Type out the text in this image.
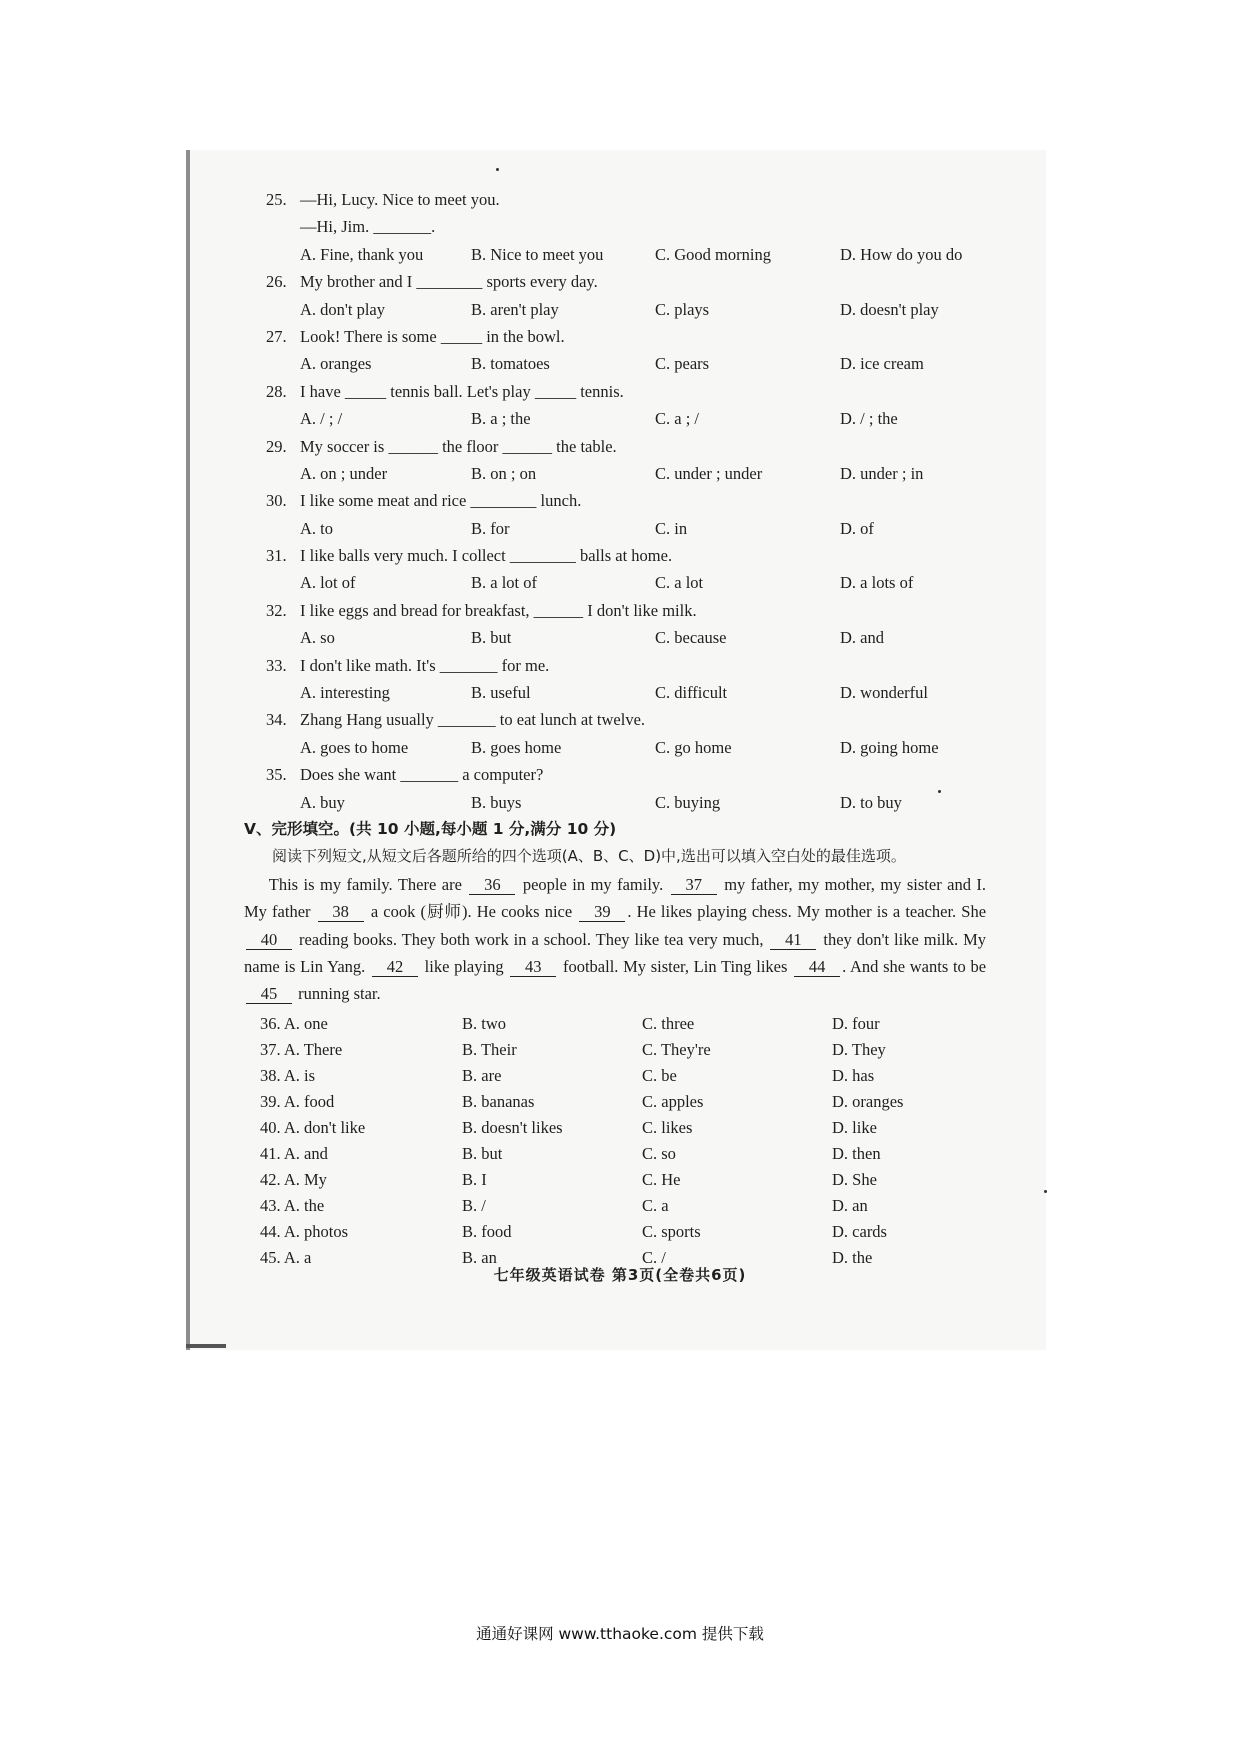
25. —Hi, Lucy. Nice to meet you.
—Hi, Jim. _______.
A. Fine, thank you	B. Nice to meet you	C. Good morning	D. How do you do
26. My brother and I ________ sports every day.
A. don't play	B. aren't play	C. plays	D. doesn't play
27. Look! There is some _____ in the bowl.
A. oranges	B. tomatoes	C. pears	D. ice cream
28. I have _____ tennis ball. Let's play _____ tennis.
A. / ; /	B. a ; the	C. a ; /	D. / ; the
29. My soccer is ______ the floor ______ the table.
A. on ; under	B. on ; on	C. under ; under	D. under ; in
30. I like some meat and rice ________ lunch.
A. to	B. for	C. in	D. of
31. I like balls very much. I collect ________ balls at home.
A. lot of	B. a lot of	C. a lot	D. a lots of
32. I like eggs and bread for breakfast, ______ I don't like milk.
A. so	B. but	C. because	D. and
33. I don't like math. It's _______ for me.
A. interesting	B. useful	C. difficult	D. wonderful
34. Zhang Hang usually _______ to eat lunch at twelve.
A. goes to home	B. goes home	C. go home	D. going home
35. Does she want _______ a computer?
A. buy	B. buys	C. buying	D. to buy
V、完形填空。(共 10 小题,每小题 1 分,满分 10 分)
阅读下列短文,从短文后各题所给的四个选项(A、B、C、D)中,选出可以填入空白处的最佳选项。
  This is my family. There are 36 people in my family. 37 my father, my mother, my sister and I. My father 38 a cook (厨师). He cooks nice 39 . He likes playing chess. My mother is a teacher. She 40 reading books. They both work in a school. They like tea very much, 41 they don't like milk. My name is Lin Yang. 42 like playing 43 football. My sister, Lin Ting likes 44 . And she wants to be 45 running star.
36. A. one	B. two	C. three	D. four
37. A. There	B. Their	C. They're	D. They
38. A. is	B. are	C. be	D. has
39. A. food	B. bananas	C. apples	D. oranges
40. A. don't like	B. doesn't likes	C. likes	D. like
41. A. and	B. but	C. so	D. then
42. A. My	B. I	C. He	D. She
43. A. the	B. /	C. a	D. an
44. A. photos	B. food	C. sports	D. cards
45. A. a	B. an	C. /	D. the
七年级英语试卷 第3页(全卷共6页)
通通好课网 www.tthaoke.com 提供下载
